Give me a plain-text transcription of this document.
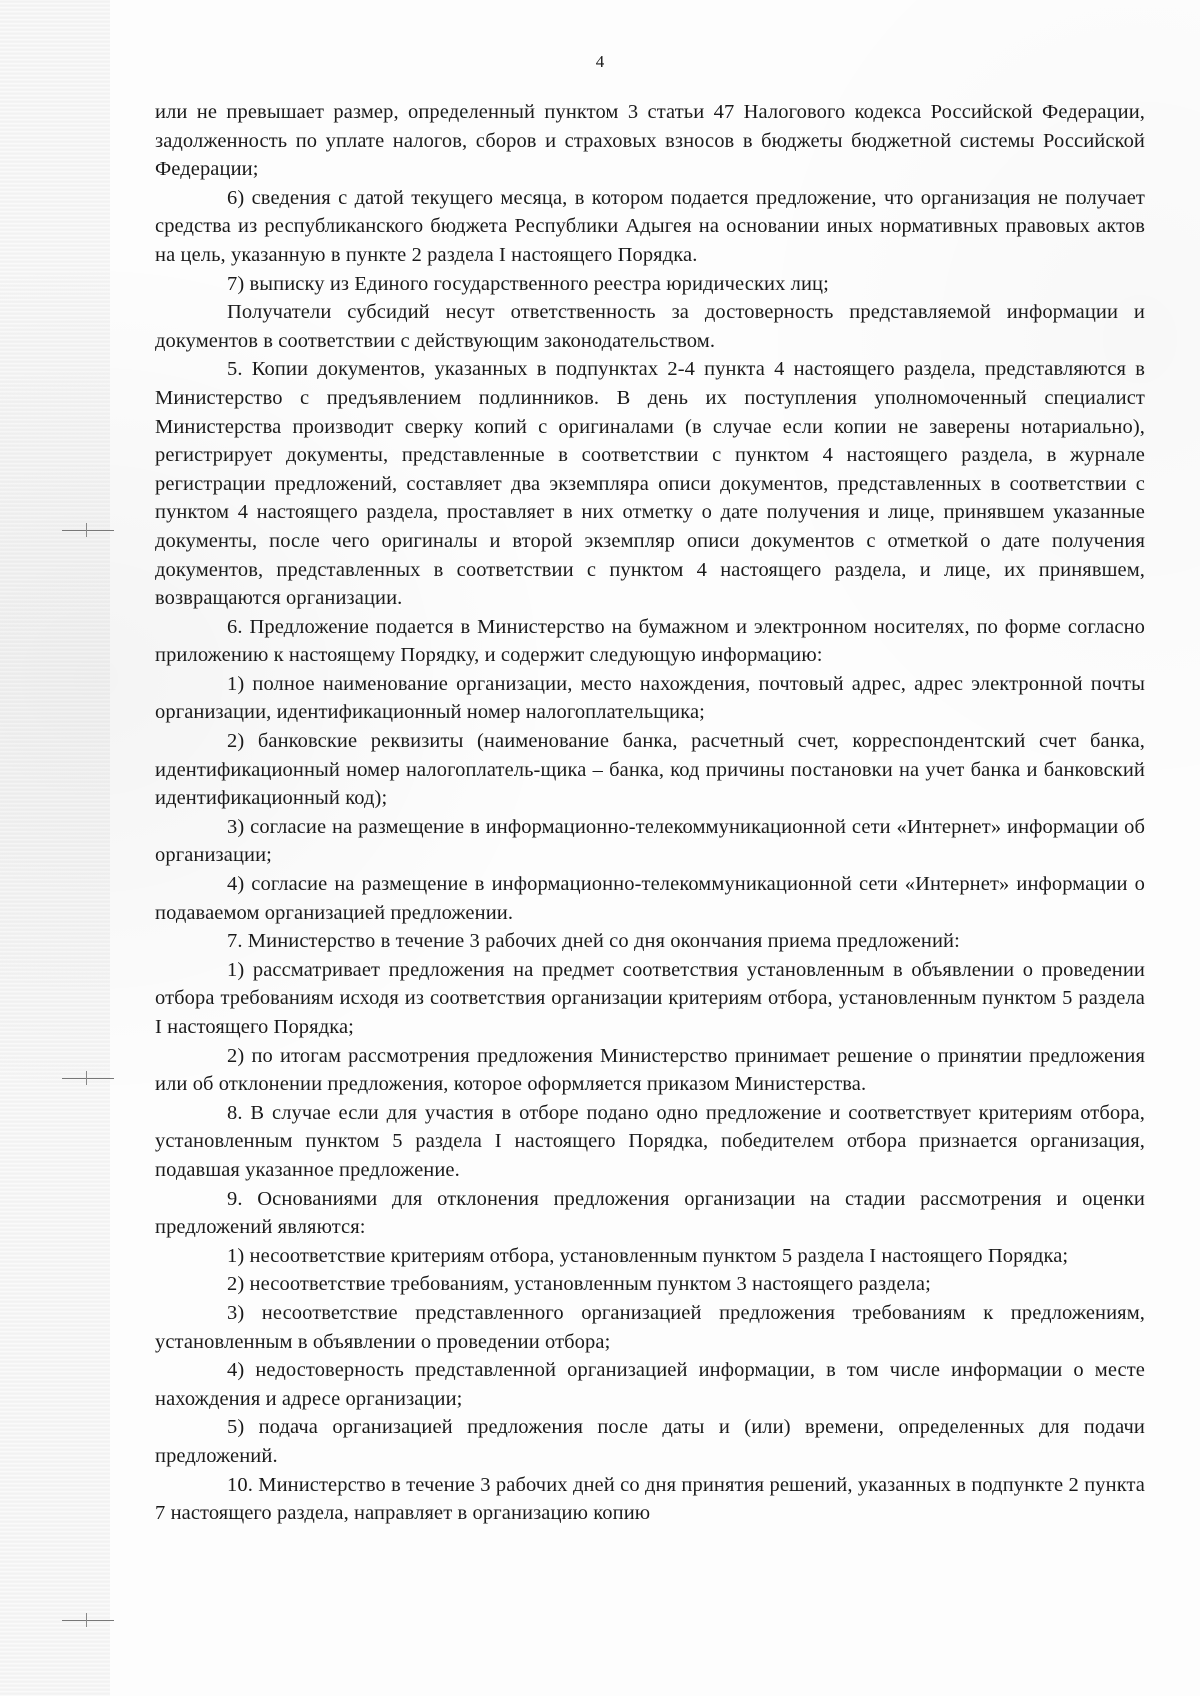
4

или не превышает размер, определенный пунктом 3 статьи 47 Налогового кодекса Российской Федерации, задолженность по уплате налогов, сборов и страховых взносов в бюджеты бюджетной системы Российской Федерации;

6) сведения с датой текущего месяца, в котором подается предложение, что организация не получает средства из республиканского бюджета Республики Адыгея на основании иных нормативных правовых актов на цель, указанную в пункте 2 раздела I настоящего Порядка.

7) выписку из Единого государственного реестра юридических лиц;

Получатели субсидий несут ответственность за достоверность представляемой информации и документов в соответствии с действующим законодательством.

5. Копии документов, указанных в подпунктах 2-4 пункта 4 настоящего раздела, представляются в Министерство с предъявлением подлинников. В день их поступления уполномоченный специалист Министерства производит сверку копий с оригиналами (в случае если копии не заверены нотариально), регистрирует документы, представленные в соответствии с пунктом 4 настоящего раздела, в журнале регистрации предложений, составляет два экземпляра описи документов, представленных в соответствии с пунктом 4 настоящего раздела, проставляет в них отметку о дате получения и лице, принявшем указанные документы, после чего оригиналы и второй экземпляр описи документов с отметкой о дате получения документов, представленных в соответствии с пунктом 4 настоящего раздела, и лице, их принявшем, возвращаются организации.

6. Предложение подается в Министерство на бумажном и электронном носителях, по форме согласно приложению к настоящему Порядку, и содержит следующую информацию:

1) полное наименование организации, место нахождения, почтовый адрес, адрес электронной почты организации, идентификационный номер налогоплательщика;

2) банковские реквизиты (наименование банка, расчетный счет, корреспондентский счет банка, идентификационный номер налогоплатель-щика – банка, код причины постановки на учет банка и банковский идентификационный код);

3) согласие на размещение в информационно-телекоммуникационной сети «Интернет» информации об организации;

4) согласие на размещение в информационно-телекоммуникационной сети «Интернет» информации о подаваемом организацией предложении.

7. Министерство в течение 3 рабочих дней со дня окончания приема предложений:

1) рассматривает предложения на предмет соответствия установленным в объявлении о проведении отбора требованиям исходя из соответствия организации критериям отбора, установленным пунктом 5 раздела I настоящего Порядка;

2) по итогам рассмотрения предложения Министерство принимает решение о принятии предложения или об отклонении предложения, которое оформляется приказом Министерства.

8. В случае если для участия в отборе подано одно предложение и соответствует критериям отбора, установленным пунктом 5 раздела I настоящего Порядка, победителем отбора признается организация, подавшая указанное предложение.

9. Основаниями для отклонения предложения организации на стадии рассмотрения и оценки предложений являются:

1) несоответствие критериям отбора, установленным пунктом 5 раздела I настоящего Порядка;

2) несоответствие требованиям, установленным пунктом 3 настоящего раздела;

3) несоответствие представленного организацией предложения требованиям к предложениям, установленным в объявлении о проведении отбора;

4) недостоверность представленной организацией информации, в том числе информации о месте нахождения и адресе организации;

5) подача организацией предложения после даты и (или) времени, определенных для подачи предложений.

10. Министерство в течение 3 рабочих дней со дня принятия решений, указанных в подпункте 2 пункта 7 настоящего раздела, направляет в организацию копию
